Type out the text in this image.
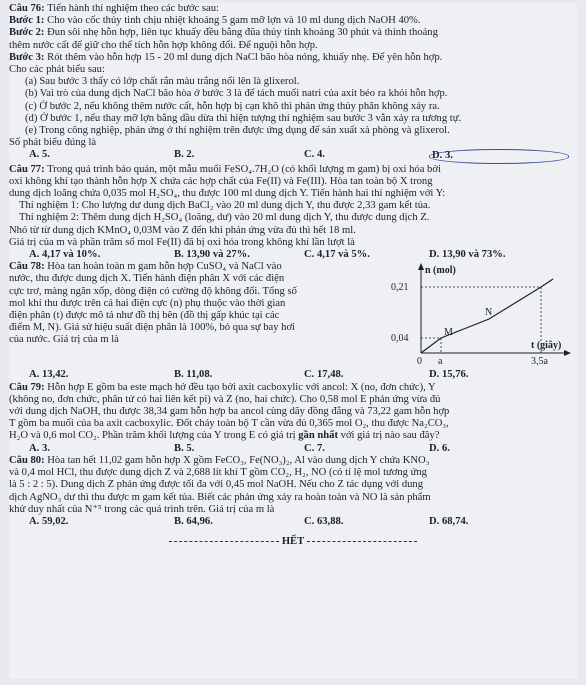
Câu 76: Tiến hành thí nghiệm theo các bước sau:

Bước 1: Cho vào cốc thủy tinh chịu nhiệt khoảng 5 gam mỡ lợn và 10 ml dung dịch NaOH 40%.

Bước 2: Đun sôi nhẹ hỗn hợp, liên tục khuấy đều bằng đũa thủy tinh khoảng 30 phút và thỉnh thoảng

thêm nước cất để giữ cho thể tích hỗn hợp không đổi. Để nguội hỗn hợp.

Bước 3: Rót thêm vào hỗn hợp 15 - 20 ml dung dịch NaCl bão hòa nóng, khuấy nhẹ. Để yên hỗn hợp.

Cho các phát biểu sau:

(a) Sau bước 3 thấy có lớp chất rắn màu trắng nổi lên là glixerol.

(b) Vai trò của dung dịch NaCl bão hòa ở bước 3 là để tách muối natri của axit béo ra khỏi hỗn hợp.

(c) Ở bước 2, nếu không thêm nước cất, hỗn hợp bị cạn khô thì phản ứng thủy phân không xảy ra.

(d) Ở bước 1, nếu thay mỡ lợn bằng dầu dừa thì hiện tượng thí nghiệm sau bước 3 vẫn xảy ra tương tự.

(e) Trong công nghiệp, phản ứng ở thí nghiệm trên được ứng dụng để sản xuất xà phòng và glixerol.

Số phát biểu đúng là

A. 5.	B. 2.	C. 4.	D. 3.

Câu 77: Trong quá trình bảo quản, một mẫu muối FeSO₄.7H₂O (có khối lượng m gam) bị oxi hóa bởi

oxi không khí tạo thành hỗn hợp X chứa các hợp chất của Fe(II) và Fe(III). Hòa tan toàn bộ X trong

dung dịch loãng chứa 0,035 mol H₂SO₄, thu được 100 ml dung dịch Y. Tiến hành hai thí nghiệm với Y:

Thí nghiệm 1: Cho lượng dư dung dịch BaCl₂ vào 20 ml dung dịch Y, thu được 2,33 gam kết tủa.

Thí nghiệm 2: Thêm dung dịch H₂SO₄ (loãng, dư) vào 20 ml dung dịch Y, thu được dung dịch Z.

Nhỏ từ từ dung dịch KMnO₄ 0,03M vào Z đến khi phản ứng vừa đủ thì hết 18 ml.

Giá trị của m và phần trăm số mol Fe(II) đã bị oxi hóa trong không khí lần lượt là

A. 4,17 và 10%.	B. 13,90 và 27%.	C. 4,17 và 5%.	D. 13,90 và 73%.

Câu 78: Hòa tan hoàn toàn m gam hỗn hợp CuSO₄ và NaCl vào

nước, thu được dung dịch X. Tiến hành điện phân X với các điện

cực trơ, màng ngăn xốp, dòng điện có cường độ không đổi. Tổng số

mol khí thu được trên cả hai điện cực (n) phụ thuộc vào thời gian

điện phân (t) được mô tả như đồ thị bên (đồ thị gấp khúc tại các

điểm M, N). Giả sử hiệu suất điện phân là 100%, bỏ qua sự bay hơi

của nước. Giá trị của m là

n (mol)
0,21
0,04
0 a	3,5a
t (giây)
M
N
A. 13,42.	B. 11,08.	C. 17,48.	D. 15,76.

Câu 79: Hỗn hợp E gồm ba este mạch hở đều tạo bởi axit cacboxylic với ancol: X (no, đơn chức), Y

(không no, đơn chức, phân tử có hai liên kết pi) và Z (no, hai chức). Cho 0,58 mol E phản ứng vừa đủ

với dung dịch NaOH, thu được 38,34 gam hỗn hợp ba ancol cùng dãy đồng đẳng và 73,22 gam hỗn hợp

T gồm ba muối của ba axit cacboxylic. Đốt cháy toàn bộ T cần vừa đủ 0,365 mol O₂, thu được Na₂CO₃,

H₂O và 0,6 mol CO₂. Phần trăm khối lượng của Y trong E có giá trị gần nhất với giá trị nào sau đây?

A. 3.	B. 5.	C. 7.	D. 6.

Câu 80: Hòa tan hết 11,02 gam hỗn hợp X gồm FeCO₃, Fe(NO₃)₂, Al vào dung dịch Y chứa KNO₃

và 0,4 mol HCl, thu được dung dịch Z và 2,688 lít khí T gồm CO₂, H₂, NO (có tỉ lệ mol tương ứng

là 5 : 2 : 5). Dung dịch Z phản ứng được tối đa với 0,45 mol NaOH. Nếu cho Z tác dụng với dung

dịch AgNO₃ dư thì thu được m gam kết tủa. Biết các phản ứng xảy ra hoàn toàn và NO là sản phẩm

khử duy nhất của N⁺⁵ trong các quá trình trên. Giá trị của m là

A. 59,02.	B. 64,96.	C. 63,88.	D. 68,74.
HẾT
